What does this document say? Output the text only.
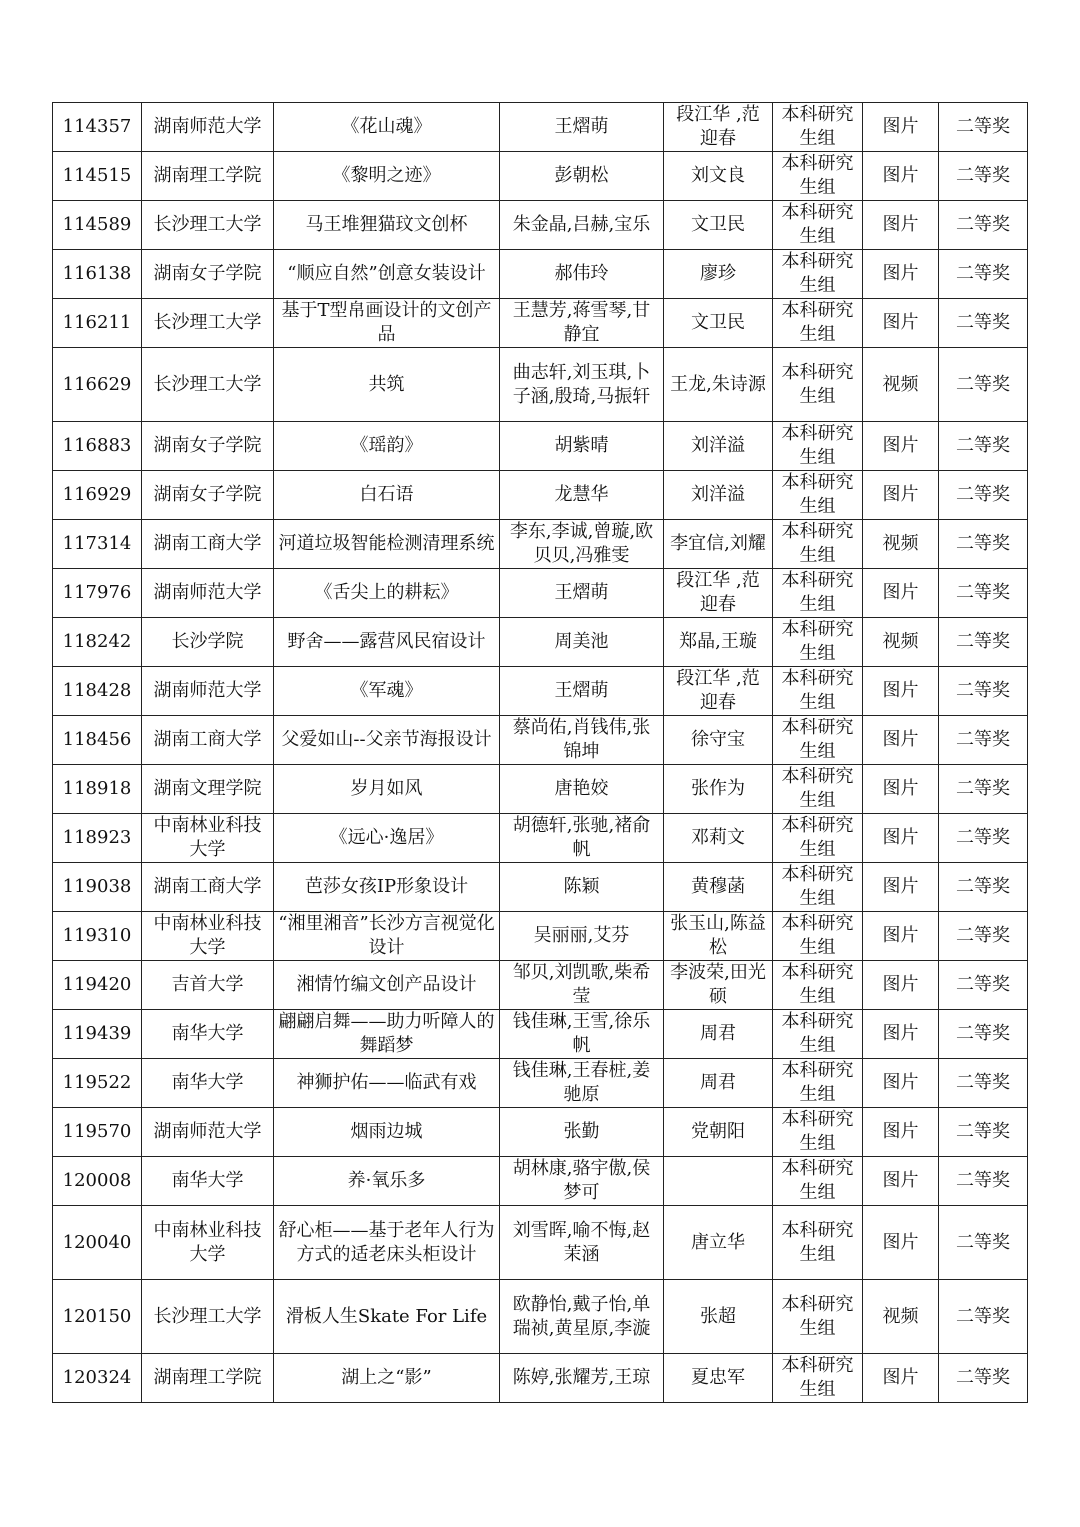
114357	湖南师范大学	《花山魂》	王熠萌	段江华 ,范迎春	本科研究生组	图片	二等奖
114515	湖南理工学院	《黎明之迹》	彭朝松	刘文良	本科研究生组	图片	二等奖
114589	长沙理工大学	马王堆狸猫玟文创杯	朱金晶,吕赫,宝乐	文卫民	本科研究生组	图片	二等奖
116138	湖南女子学院	“顺应自然”创意女装设计	郝伟玲	廖珍	本科研究生组	图片	二等奖
116211	长沙理工大学	基于T型帛画设计的文创产品	王慧芳,蒋雪琴,甘静宜	文卫民	本科研究生组	图片	二等奖
116629	长沙理工大学	共筑	曲志轩,刘玉琪,卜子涵,殷琦,马振轩	王龙,朱诗源	本科研究生组	视频	二等奖
116883	湖南女子学院	《瑶韵》	胡紫晴	刘洋溢	本科研究生组	图片	二等奖
116929	湖南女子学院	白石语	龙慧华	刘洋溢	本科研究生组	图片	二等奖
117314	湖南工商大学	河道垃圾智能检测清理系统	李东,李诚,曾璇,欧贝贝,冯雅雯	李宜信,刘耀	本科研究生组	视频	二等奖
117976	湖南师范大学	《舌尖上的耕耘》	王熠萌	段江华 ,范迎春	本科研究生组	图片	二等奖
118242	长沙学院	野舍——露营风民宿设计	周美池	郑晶,王璇	本科研究生组	视频	二等奖
118428	湖南师范大学	《军魂》	王熠萌	段江华 ,范迎春	本科研究生组	图片	二等奖
118456	湖南工商大学	父爱如山--父亲节海报设计	蔡尚佑,肖钱伟,张锦坤	徐守宝	本科研究生组	图片	二等奖
118918	湖南文理学院	岁月如风	唐艳姣	张作为	本科研究生组	图片	二等奖
118923	中南林业科技大学	《远心·逸居》	胡德轩,张驰,褚俞帆	邓莉文	本科研究生组	图片	二等奖
119038	湖南工商大学	芭莎女孩IP形象设计	陈颖	黄穆菡	本科研究生组	图片	二等奖
119310	中南林业科技大学	“湘里湘音”长沙方言视觉化设计	吴丽丽,艾芬	张玉山,陈益松	本科研究生组	图片	二等奖
119420	吉首大学	湘情竹编文创产品设计	邹贝,刘凯歌,柴希莹	李波荣,田光硕	本科研究生组	图片	二等奖
119439	南华大学	翩翩启舞——助力听障人的舞蹈梦	钱佳琳,王雪,徐乐帆	周君	本科研究生组	图片	二等奖
119522	南华大学	神狮护佑——临武有戏	钱佳琳,王春桩,姜驰原	周君	本科研究生组	图片	二等奖
119570	湖南师范大学	烟雨边城	张勤	党朝阳	本科研究生组	图片	二等奖
120008	南华大学	养·氧乐多	胡林康,骆宇傲,侯梦可		本科研究生组	图片	二等奖
120040	中南林业科技大学	舒心柜——基于老年人行为方式的适老床头柜设计	刘雪晖,喻不悔,赵茉涵	唐立华	本科研究生组	图片	二等奖
120150	长沙理工大学	滑板人生Skate For Life	欧静怡,戴子怡,单瑞祯,黄星原,李漩	张超	本科研究生组	视频	二等奖
120324	湖南理工学院	湖上之“影”	陈婷,张耀芳,王琼	夏忠军	本科研究生组	图片	二等奖
